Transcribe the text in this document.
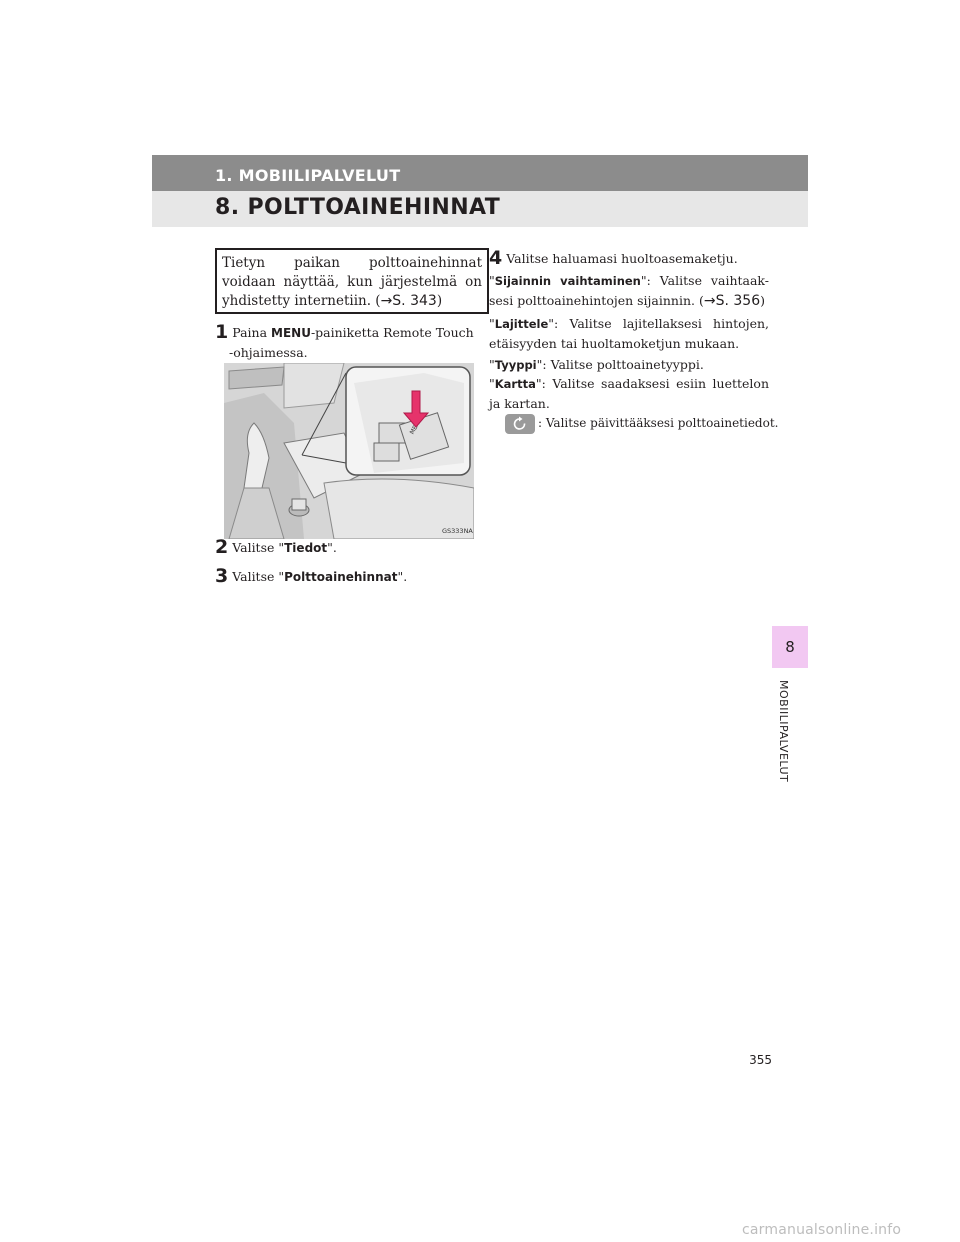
1. MOBIILIPALVELUT
8. POLTTOAINEHINNAT
Tietyn paikan polttoainehinnat voidaan näyttää, kun järjestelmä on yhdistetty internetiin. (→S. 343)
1 Paina MENU-painiketta Remote Touch
-ohjaimessa.
GS333NA
2 Valitse "Tiedot".
3 Valitse "Polttoainehinnat".
4 Valitse haluamasi huoltoasemaketju.
"Sijainnin vaihtaminen": Valitse vaihtaak-sesi polttoainehintojen sijainnin. (→S. 356)
"Lajittele": Valitse lajitellaksesi hintojen, etäisyyden tai huoltamoketjun mukaan.
"Tyyppi": Valitse polttoainetyyppi.
"Kartta": Valitse saadaksesi esiin luettelon ja kartan.
: Valitse päivittääksesi polttoainetiedot.
8
MOBIILIPALVELUT
355
carmanualsonline.info
